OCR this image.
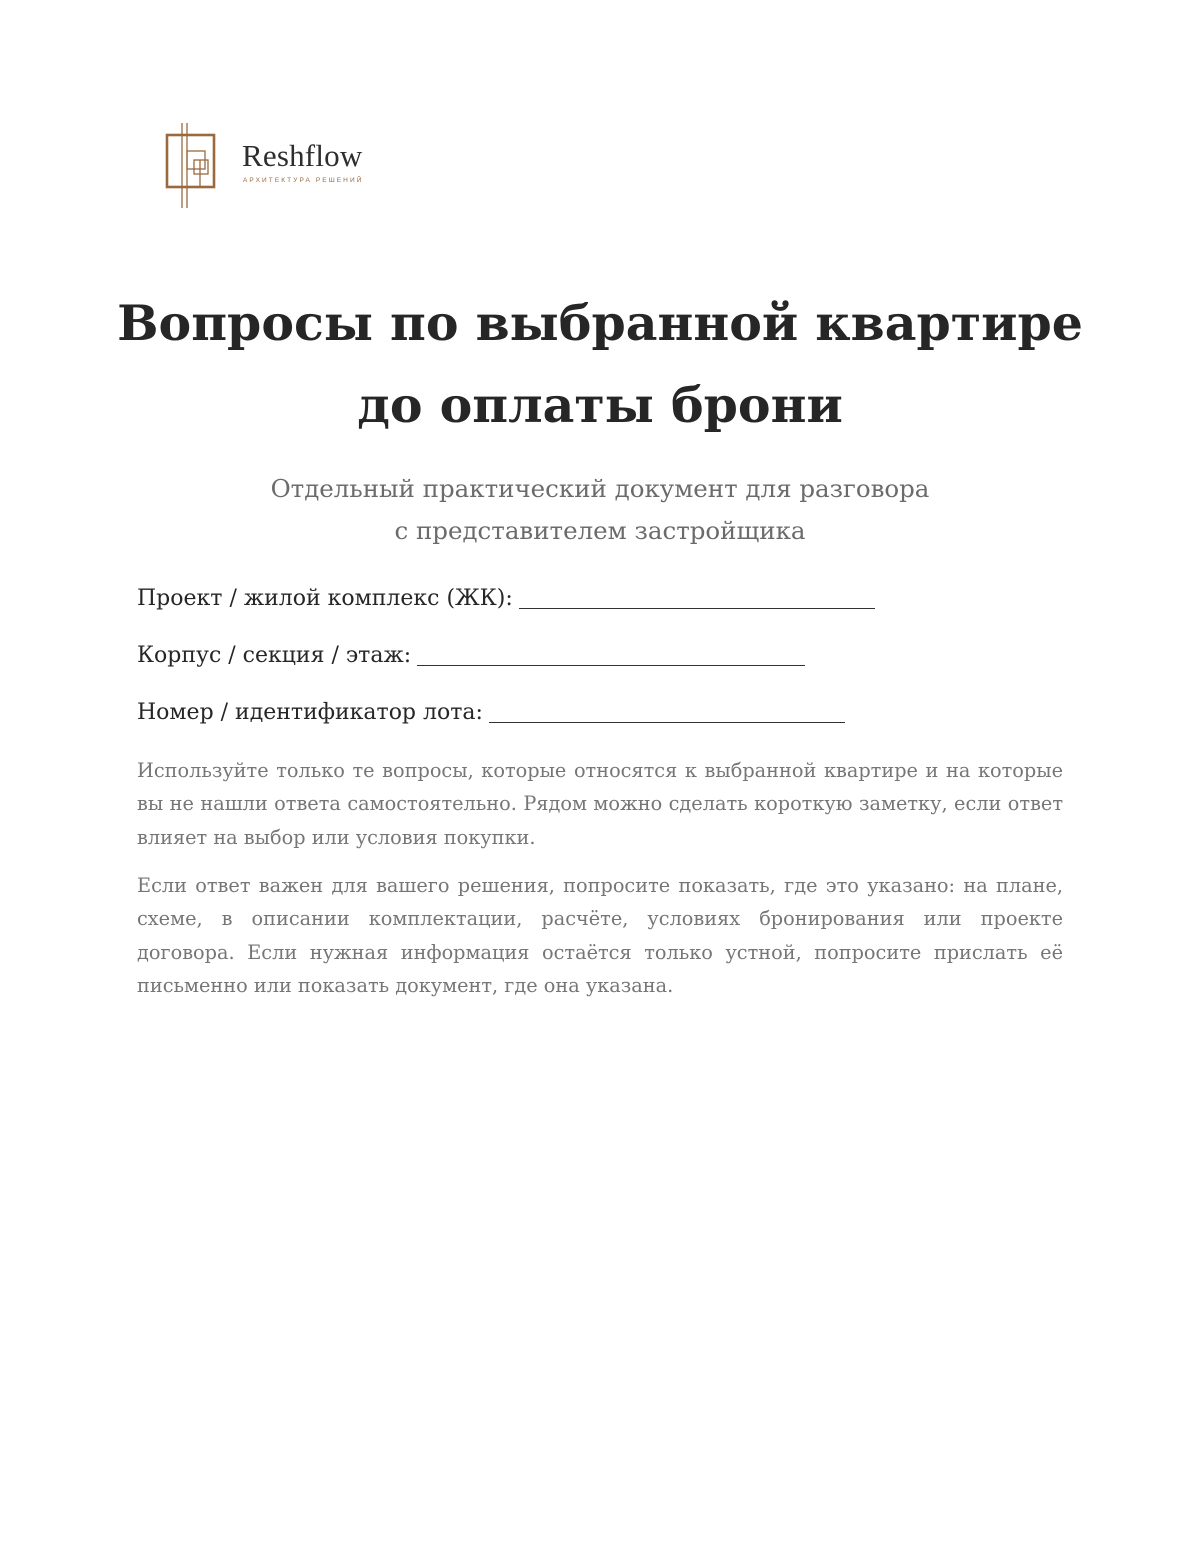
Reshflow
АРХИТЕКТУРА РЕШЕНИЙ
Вопросы по выбранной квартире
до оплаты брони
Отдельный практический документ для разговора
с представителем застройщика
Проект / жилой комплекс (ЖК):
Корпус / секция / этаж:
Номер / идентификатор лота:

Используйте только те вопросы, которые относятся к выбранной квартире и на которые вы не нашли ответа самостоятельно. Рядом можно сделать короткую заметку, если ответ влияет на выбор или условия покупки.

Если ответ важен для вашего решения, попросите показать, где это указано: на плане, схеме, в описании комплектации, расчёте, условиях бронирования или проекте договора. Если нужная информация остаётся только устной, попросите прислать её письменно или показать документ, где она указана.
